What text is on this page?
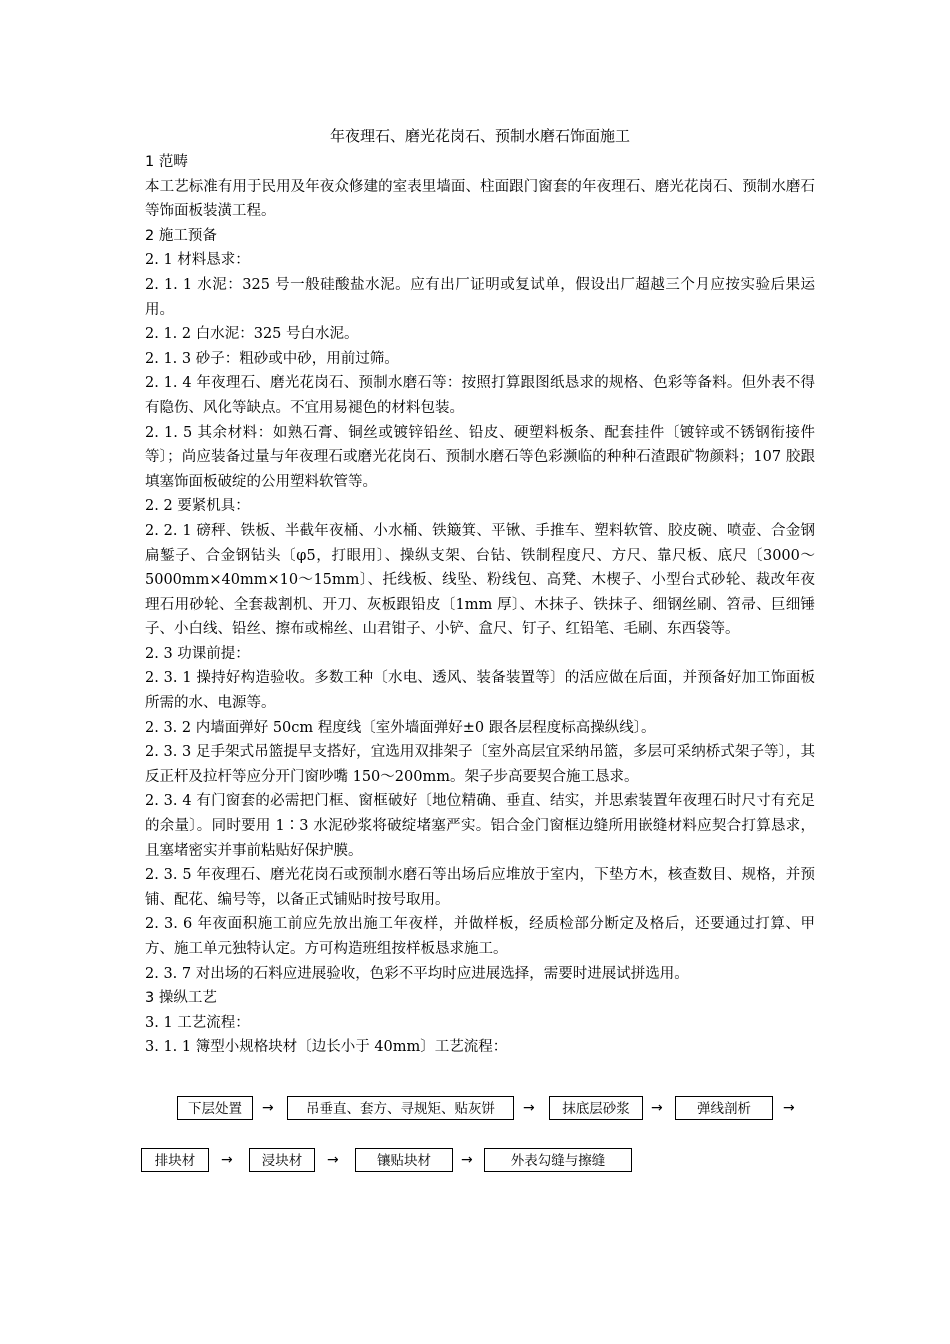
年夜理石、磨光花岗石、预制水磨石饰面施工

1 范畴

本工艺标准有用于民用及年夜众修建的室表里墙面、柱面跟门窗套的年夜理石、磨光花岗石、预制水磨石等饰面板装潢工程。

2 施工预备

2. 1 材料恳求：

2. 1. 1 水泥：325 号一般硅酸盐水泥。应有出厂证明或复试单，假设出厂超越三个月应按实验后果运用。

2. 1. 2 白水泥：325 号白水泥。

2. 1. 3 砂子：粗砂或中砂，用前过筛。

2. 1. 4 年夜理石、磨光花岗石、预制水磨石等：按照打算跟图纸恳求的规格、色彩等备料。但外表不得有隐伤、风化等缺点。不宜用易褪色的材料包装。

2. 1. 5 其余材料：如熟石膏、铜丝或镀锌铅丝、铅皮、硬塑料板条、配套挂件〔镀锌或不锈钢衔接件等〕；尚应装备过量与年夜理石或磨光花岗石、预制水磨石等色彩濒临的种种石渣跟矿物颜料；107 胶跟填塞饰面板破绽的公用塑料软管等。

2. 2 要紧机具：

2. 2. 1 磅秤、铁板、半截年夜桶、小水桶、铁簸箕、平锹、手推车、塑料软管、胶皮碗、喷壶、合金钢扁錾子、合金钢钻头〔φ5，打眼用〕、操纵支架、台钻、铁制程度尺、方尺、靠尺板、底尺〔3000～5000mm×40mm×10～15mm〕、托线板、线坠、粉线包、高凳、木楔子、小型台式砂轮、裁改年夜理石用砂轮、全套裁割机、开刀、灰板跟铅皮〔1mm 厚〕、木抹子、铁抹子、细钢丝刷、笤帚、巨细锤子、小白线、铅丝、擦布或棉丝、山君钳子、小铲、盒尺、钉子、红铅笔、毛刷、东西袋等。

2. 3 功课前提：

2. 3. 1 操持好构造验收。多数工种〔水电、透风、装备装置等〕的活应做在后面，并预备好加工饰面板所需的水、电源等。

2. 3. 2 内墙面弹好 50cm 程度线〔室外墙面弹好±0 跟各层程度标高操纵线〕。

2. 3. 3 足手架式吊篮提早支搭好，宜选用双排架子〔室外高层宜采纳吊篮，多层可采纳桥式架子等〕，其反正杆及拉杆等应分开门窗吵嘴 150～200mm。架子步高要契合施工恳求。

2. 3. 4 有门窗套的必需把门框、窗框破好〔地位精确、垂直、结实，并思索装置年夜理石时尺寸有充足的余量〕。同时要用 1∶3 水泥砂浆将破绽堵塞严实。铝合金门窗框边缝所用嵌缝材料应契合打算恳求，且塞堵密实并事前粘贴好保护膜。

2. 3. 5 年夜理石、磨光花岗石或预制水磨石等出场后应堆放于室内，下垫方木，核查数目、规格，并预铺、配花、编号等，以备正式铺贴时按号取用。

2. 3. 6 年夜面积施工前应先放出施工年夜样，并做样板，经质检部分断定及格后，还要通过打算、甲方、施工单元独特认定。方可构造班组按样板恳求施工。

2. 3. 7 对出场的石料应进展验收，色彩不平均时应进展选择，需要时进展试拼选用。

3 操纵工艺

3. 1 工艺流程：

3. 1. 1 簿型小规格块材〔边长小于 40mm〕工艺流程：

下层处置	→	吊垂直、套方、寻规矩、贴灰饼	→	抹底层砂浆	→	弹线剖析	→
排块材	→	浸块材	→	镶贴块材	→	外表勾缝与擦缝
